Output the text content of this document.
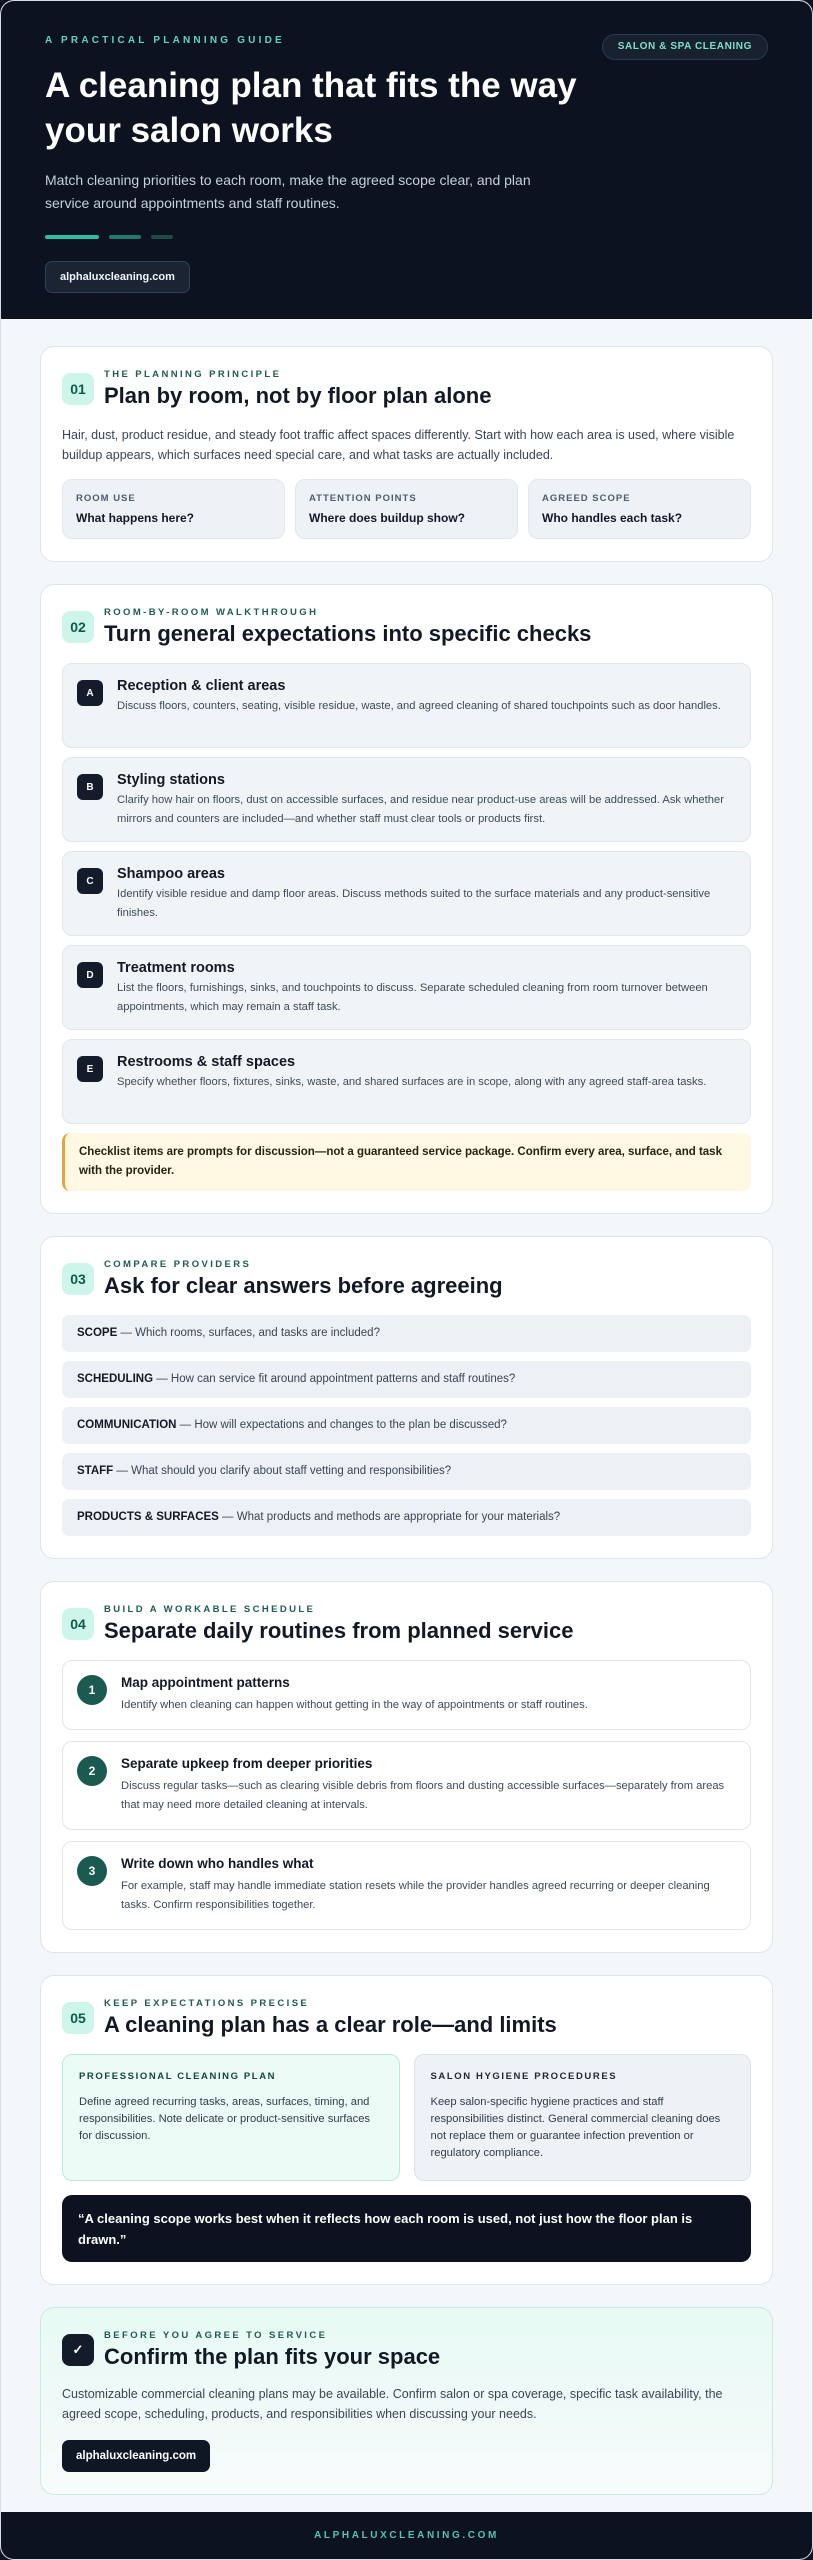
A PRACTICAL PLANNING GUIDE
SALON & SPA CLEANING
A cleaning plan that fits the way your salon works

Match cleaning priorities to each room, make the agreed scope clear, and plan service around appointments and staff routines.

alphaluxcleaning.com
01
THE PLANNING PRINCIPLE
Plan by room, not by floor plan alone

Hair, dust, product residue, and steady foot traffic affect spaces differently. Start with how each area is used, where visible buildup appears, which surfaces need special care, and what tasks are actually included.

ROOM USE
What happens here?
ATTENTION POINTS
Where does buildup show?
AGREED SCOPE
Who handles each task?
02
ROOM-BY-ROOM WALKTHROUGH
Turn general expectations into specific checks
A	Reception & client areas
Discuss floors, counters, seating, visible residue, waste, and agreed cleaning of shared touchpoints such as door handles.
B	Styling stations
Clarify how hair on floors, dust on accessible surfaces, and residue near product-use areas will be addressed. Ask whether mirrors and counters are included—and whether staff must clear tools or products first.
C	Shampoo areas
Identify visible residue and damp floor areas. Discuss methods suited to the surface materials and any product-sensitive finishes.
D	Treatment rooms
List the floors, furnishings, sinks, and touchpoints to discuss. Separate scheduled cleaning from room turnover between appointments, which may remain a staff task.
E	Restrooms & staff spaces
Specify whether floors, fixtures, sinks, waste, and shared surfaces are in scope, along with any agreed staff-area tasks.
Checklist items are prompts for discussion—not a guaranteed service package. Confirm every area, surface, and task with the provider.
03
COMPARE PROVIDERS
Ask for clear answers before agreeing
SCOPE — Which rooms, surfaces, and tasks are included?
SCHEDULING — How can service fit around appointment patterns and staff routines?
COMMUNICATION — How will expectations and changes to the plan be discussed?
STAFF — What should you clarify about staff vetting and responsibilities?
PRODUCTS & SURFACES — What products and methods are appropriate for your materials?
04
BUILD A WORKABLE SCHEDULE
Separate daily routines from planned service
1	Map appointment patterns
Identify when cleaning can happen without getting in the way of appointments or staff routines.
2	Separate upkeep from deeper priorities
Discuss regular tasks—such as clearing visible debris from floors and dusting accessible surfaces—separately from areas that may need more detailed cleaning at intervals.
3	Write down who handles what
For example, staff may handle immediate station resets while the provider handles agreed recurring or deeper cleaning tasks. Confirm responsibilities together.
05
KEEP EXPECTATIONS PRECISE
A cleaning plan has a clear role—and limits
PROFESSIONAL CLEANING PLAN
Define agreed recurring tasks, areas, surfaces, timing, and responsibilities. Note delicate or product-sensitive surfaces for discussion.
SALON HYGIENE PROCEDURES
Keep salon-specific hygiene practices and staff responsibilities distinct. General commercial cleaning does not replace them or guarantee infection prevention or regulatory compliance.
“A cleaning scope works best when it reflects how each room is used, not just how the floor plan is drawn.”
✓
BEFORE YOU AGREE TO SERVICE
Confirm the plan fits your space

Customizable commercial cleaning plans may be available. Confirm salon or spa coverage, specific task availability, the agreed scope, scheduling, products, and responsibilities when discussing your needs.

alphaluxcleaning.com
ALPHALUXCLEANING.COM
